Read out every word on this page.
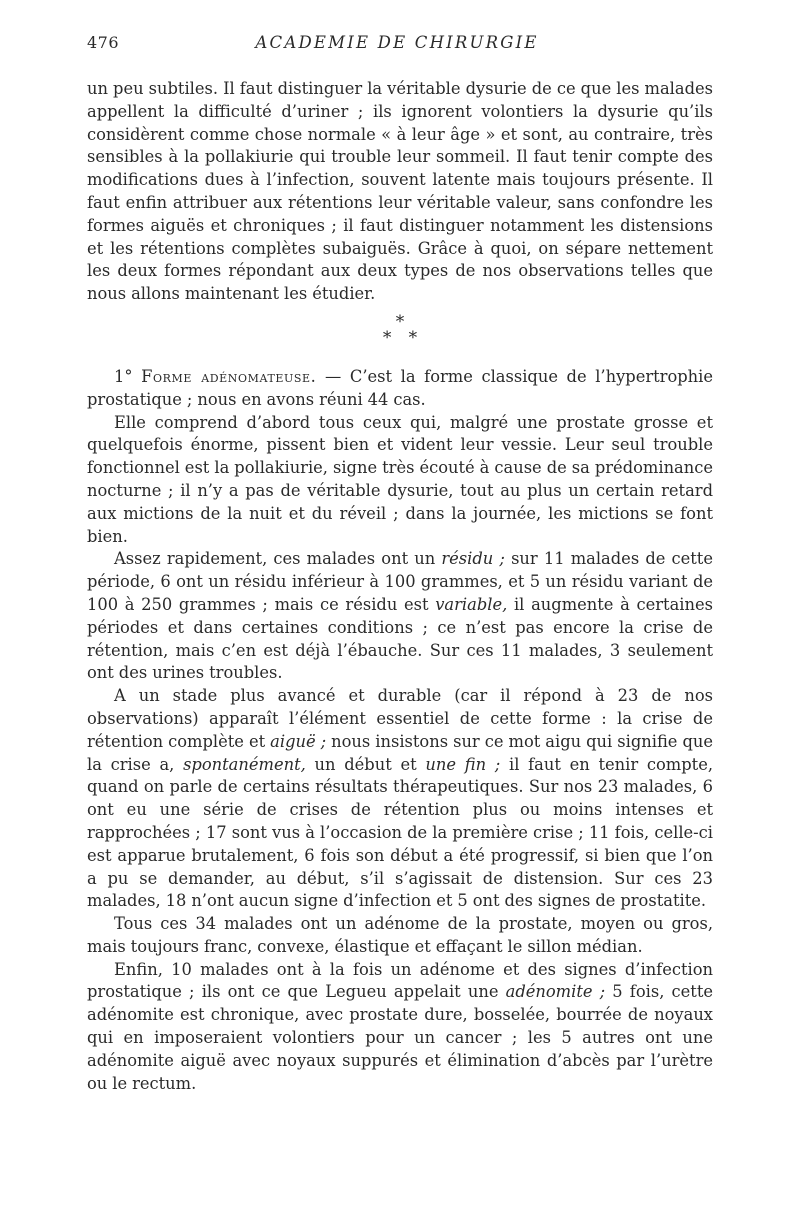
476	ACADEMIE DE CHIRURGIE

un peu subtiles. Il faut distinguer la véritable dysurie de ce que les malades appellent la difficulté d’uriner ; ils ignorent volontiers la dysurie qu’ils considèrent comme chose normale « à leur âge » et sont, au contraire, très sensibles à la pollakiurie qui trouble leur sommeil. Il faut tenir compte des modifications dues à l’infection, souvent latente mais toujours présente. Il faut enfin attribuer aux rétentions leur véritable valeur, sans confondre les formes aiguës et chroniques ; il faut distinguer notamment les distensions et les rétentions complètes subaiguës. Grâce à quoi, on sépare nettement les deux formes répondant aux deux types de nos observations telles que nous allons maintenant les étudier.

*
* *

1° Forme adénomateuse. — C’est la forme classique de l’hypertrophie prostatique ; nous en avons réuni 44 cas.

Elle comprend d’abord tous ceux qui, malgré une prostate grosse et quelquefois énorme, pissent bien et vident leur vessie. Leur seul trouble fonctionnel est la pollakiurie, signe très écouté à cause de sa prédominance nocturne ; il n’y a pas de véritable dysurie, tout au plus un certain retard aux mictions de la nuit et du réveil ; dans la journée, les mictions se font bien.

Assez rapidement, ces malades ont un résidu ; sur 11 malades de cette période, 6 ont un résidu inférieur à 100 grammes, et 5 un résidu variant de 100 à 250 grammes ; mais ce résidu est variable, il augmente à certaines périodes et dans certaines conditions ; ce n’est pas encore la crise de rétention, mais c’en est déjà l’ébauche. Sur ces 11 malades, 3 seulement ont des urines troubles.

A un stade plus avancé et durable (car il répond à 23 de nos observations) apparaît l’élément essentiel de cette forme : la crise de rétention complète et aiguë ; nous insistons sur ce mot aigu qui signifie que la crise a, spontanément, un début et une fin ; il faut en tenir compte, quand on parle de certains résultats thérapeutiques. Sur nos 23 malades, 6 ont eu une série de crises de rétention plus ou moins intenses et rapprochées ; 17 sont vus à l’occasion de la première crise ; 11 fois, celle-ci est apparue brutalement, 6 fois son début a été progressif, si bien que l’on a pu se demander, au début, s’il s’agissait de distension. Sur ces 23 malades, 18 n’ont aucun signe d’infection et 5 ont des signes de prostatite.

Tous ces 34 malades ont un adénome de la prostate, moyen ou gros, mais toujours franc, convexe, élastique et effaçant le sillon médian.

Enfin, 10 malades ont à la fois un adénome et des signes d’infection prostatique ; ils ont ce que Legueu appelait une adénomite ; 5 fois, cette adénomite est chronique, avec prostate dure, bosselée, bourrée de noyaux qui en imposeraient volontiers pour un cancer ; les 5 autres ont une adénomite aiguë avec noyaux suppurés et élimination d’abcès par l’urètre ou le rectum.
